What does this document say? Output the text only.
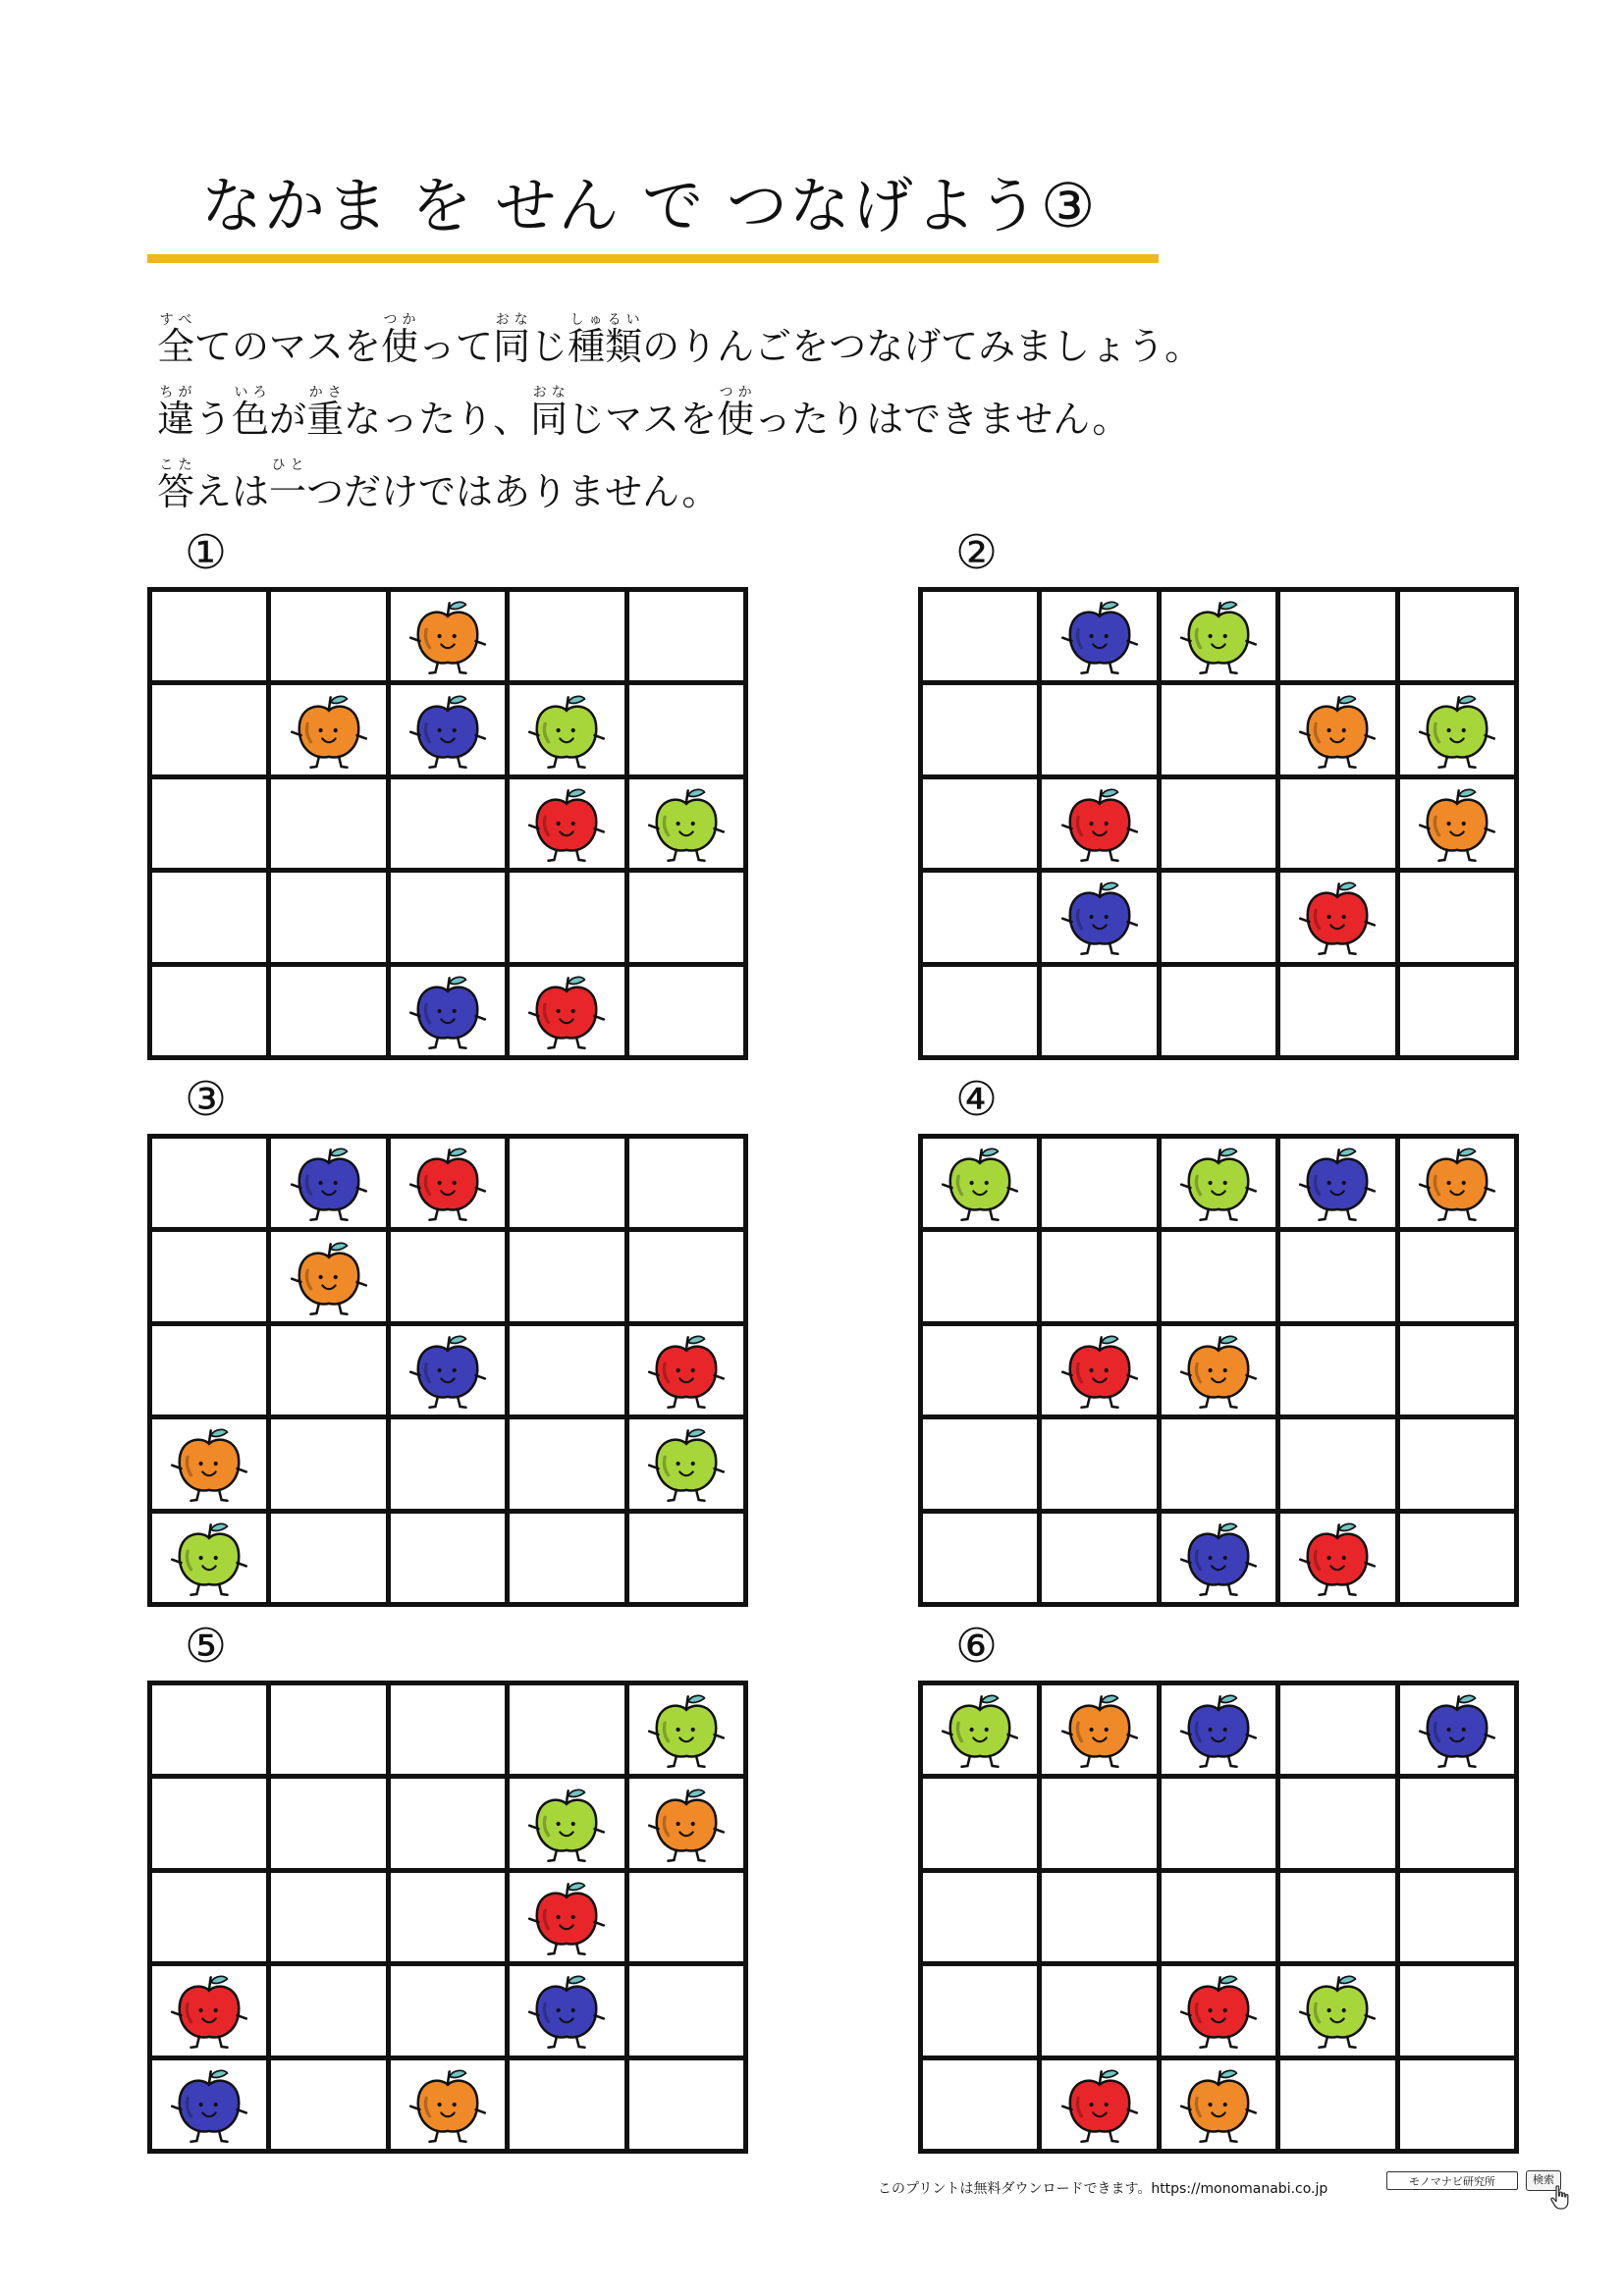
なかま を せん で つなげよう③
全すべてのマスを使つかって同おなじ種類しゅるいのりんごをつなげてみましょう。
違ちがう色いろが重かさなったり、同おなじマスを使つかったりはできません。
答こたえは一ひとつだけではありません。
①	②
③	④
⑤	⑥
このプリントは無料ダウンロードできます。https://monomanabi.co.jp	モノマナビ研究所	検索
